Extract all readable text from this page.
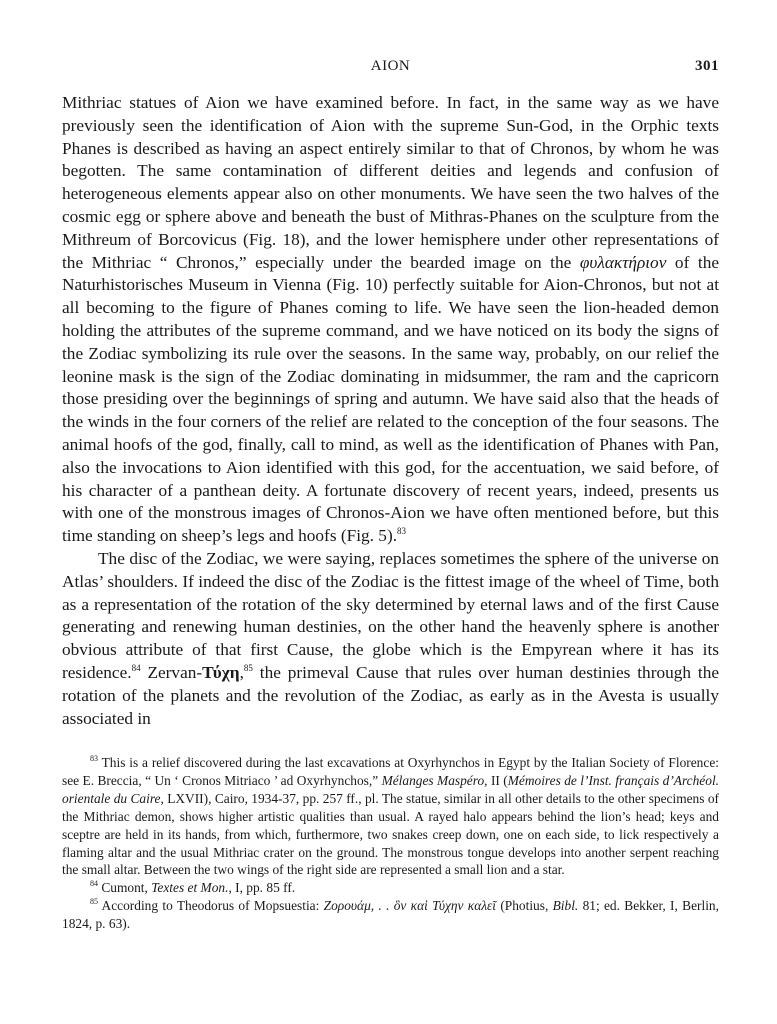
AION	301

Mithriac statues of Aion we have examined before. In fact, in the same way as we have previously seen the identification of Aion with the supreme Sun-God, in the Orphic texts Phanes is described as having an aspect entirely similar to that of Chronos, by whom he was begotten. The same contamination of different deities and legends and confusion of heterogeneous elements appear also on other monuments. We have seen the two halves of the cosmic egg or sphere above and beneath the bust of Mithras-Phanes on the sculpture from the Mithreum of Borcovicus (Fig. 18), and the lower hemisphere under other representations of the Mithriac “ Chronos,” especially under the bearded image on the φυλακτήριον of the Naturhistorisches Museum in Vienna (Fig. 10) perfectly suitable for Aion-Chronos, but not at all becoming to the figure of Phanes coming to life. We have seen the lion-headed demon holding the attributes of the supreme command, and we have noticed on its body the signs of the Zodiac symbolizing its rule over the seasons. In the same way, probably, on our relief the leonine mask is the sign of the Zodiac dominating in midsummer, the ram and the capricorn those presiding over the beginnings of spring and autumn. We have said also that the heads of the winds in the four corners of the relief are related to the conception of the four seasons. The animal hoofs of the god, finally, call to mind, as well as the identification of Phanes with Pan, also the invocations to Aion identified with this god, for the accentuation, we said before, of his character of a panthean deity. A fortunate discovery of recent years, indeed, presents us with one of the monstrous images of Chronos-Aion we have often mentioned before, but this time standing on sheep’s legs and hoofs (Fig. 5).$^{83}$

The disc of the Zodiac, we were saying, replaces sometimes the sphere of the universe on Atlas’ shoulders. If indeed the disc of the Zodiac is the fittest image of the wheel of Time, both as a representation of the rotation of the sky determined by eternal laws and of the first Cause generating and renewing human destinies, on the other hand the heavenly sphere is another obvious attribute of that first Cause, the globe which is the Empyrean where it has its residence.$^{84}$ Zervan-Τύχη,$^{85}$ the primeval Cause that rules over human destinies through the rotation of the planets and the revolution of the Zodiac, as early as in the Avesta is usually associated in

$^{83}$ This is a relief discovered during the last excavations at Oxyrhynchos in Egypt by the Italian Society of Florence: see E. Breccia, “ Un ‘ Cronos Mitriaco ’ ad Oxyrhynchos,” Mélanges Maspéro, II (Mémoires de l’Inst. français d’Archéol. orientale du Caire, LXVII), Cairo, 1934-37, pp. 257 ff., pl. The statue, similar in all other details to the other specimens of the Mithriac demon, shows higher artistic qualities than usual. A rayed halo appears behind the lion’s head; keys and sceptre are held in its hands, from which, furthermore, two snakes creep down, one on each side, to lick respectively a flaming altar and the usual Mithriac crater on the ground. The monstrous tongue develops into another serpent reaching the small altar. Between the two wings of the right side are represented a small lion and a star.

$^{84}$ Cumont, Textes et Mon., I, pp. 85 ff.

$^{85}$ According to Theodorus of Mopsuestia: Ζορουάμ, . . ὃν καὶ Τύχην καλεῖ (Photius, Bibl. 81; ed. Bekker, I, Berlin, 1824, p. 63).
